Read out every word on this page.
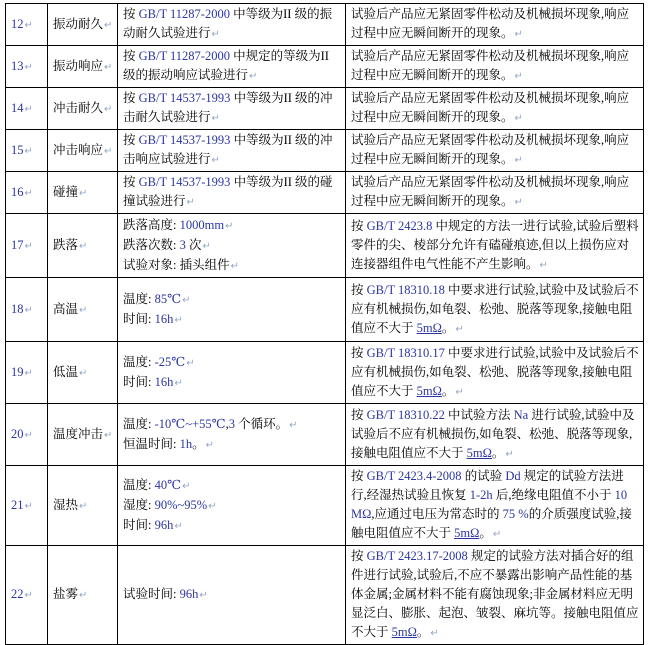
12↵	振动耐久↵	按 GB/T 11287-2000 中等级为II 级的振动耐久试验进行↵	试验后产品应无紧固零件松动及机械损坏现象,响应过程中应无瞬间断开的现象。↵

13↵	振动响应↵	按 GB/T 11287-2000 中规定的等级为II 级的振动响应试验进行↵	试验后产品应无紧固零件松动及机械损坏现象,响应过程中应无瞬间断开的现象。↵

14↵	冲击耐久↵	按 GB/T 14537-1993 中等级为II 级的冲击耐久试验进行↵	试验后产品应无紧固零件松动及机械损坏现象,响应过程中应无瞬间断开的现象。↵

15↵	冲击响应↵	按 GB/T 14537-1993 中等级为II 级的冲击响应试验进行↵	试验后产品应无紧固零件松动及机械损坏现象,响应过程中应无瞬间断开的现象。↵

16↵	碰撞↵	按 GB/T 14537-1993 中等级为II 级的碰撞试验进行↵	试验后产品应无紧固零件松动及机械损坏现象,响应过程中应无瞬间断开的现象。↵

17↵	跌落↵	跌落高度: 1000mm↵
跌落次数: 3 次↵
试验对象: 插头组件↵	按 GB/T 2423.8 中规定的方法一进行试验,试验后塑料零件的尖、棱部分允许有磕碰痕迹,但以上损伤应对连接器组件电气性能不产生影响。↵

18↵	高温↵	温度: 85℃↵
时间: 16h↵	按 GB/T 18310.18 中要求进行试验,试验中及试验后不应有机械损伤,如龟裂、松弛、脱落等现象,接触电阻值应不大于 5mΩ。↵

19↵	低温↵	温度: -25℃↵
时间: 16h↵	按 GB/T 18310.17 中要求进行试验,试验中及试验后不应有机械损伤,如龟裂、松弛、脱落等现象,接触电阻值应不大于 5mΩ。↵

20↵	温度冲击↵	温度: -10℃~+55℃,3 个循环。↵
恒温时间: 1h。↵	按 GB/T 18310.22 中试验方法 Na 进行试验,试验中及试验后不应有机械损伤,如龟裂、松弛、脱落等现象,接触电阻值应不大于 5mΩ。↵

21↵	湿热↵	温度: 40℃↵
湿度: 90%~95%↵
时间: 96h↵	按 GB/T 2423.4-2008 的试验 Dd 规定的试验方法进行,经湿热试验且恢复 1-2h 后,绝缘电阻值不小于 10 MΩ,应通过电压为常态时的 75 %的介质强度试验,接触电阻值应不大于 5mΩ。↵

22↵	盐雾↵	试验时间: 96h↵	按 GB/T 2423.17-2008 规定的试验方法对插合好的组件进行试验,试验后,不应不暴露出影响产品性能的基体金属;金属材料不能有腐蚀现象;非金属材料应无明显泛白、膨胀、起泡、皱裂、麻坑等。接触电阻值应不大于 5mΩ。↵
